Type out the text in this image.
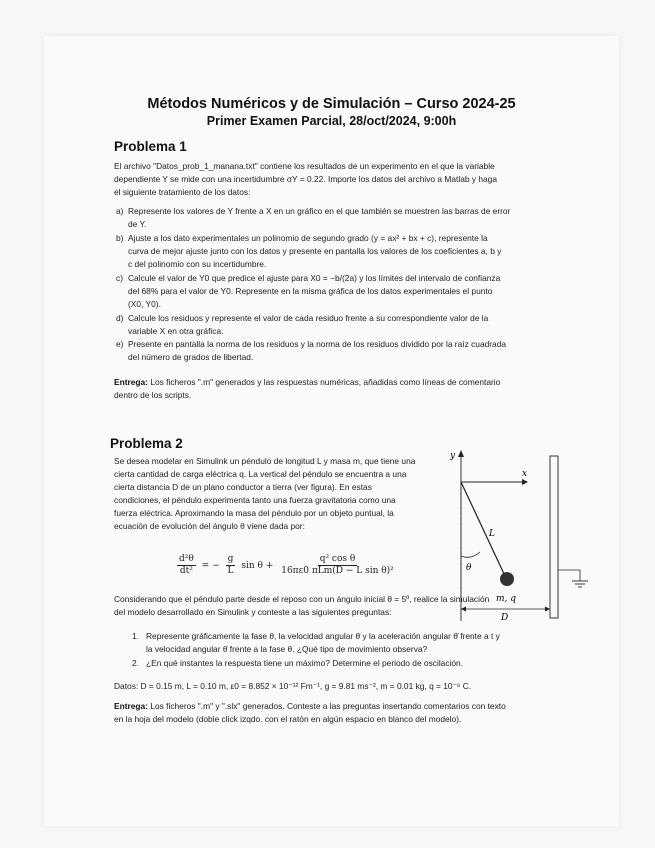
Métodos Numéricos y de Simulación – Curso 2024-25
Primer Examen Parcial, 28/oct/2024, 9:00h
Problema 1
El archivo "Datos_prob_1_manana.txt" contiene los resultados de un experimento en el que la variable
dependiente Y se mide con una incertidumbre σY = 0.22. Importe los datos del archivo a Matlab y haga
el siguiente tratamiento de los datos:
a) Represente los valores de Y frente a X en un gráfico en el que también se muestren las barras de error
de Y.
b) Ajuste a los dato experimentales un polinomio de segundo grado (y = ax² + bx + c), represente la
curva de mejor ajuste junto con los datos y presente en pantalla los valores de los coeficientes a, b y
c del polinomio con su incertidumbre.
c) Calcule el valor de Y0 que predice el ajuste para X0 = −b/(2a) y los límites del intervalo de confianza
del 68% para el valor de Y0. Represente en la misma gráfica de los datos experimentales el punto
(X0, Y0).
d) Calcule los residuos y represente el valor de cada residuo frente a su correspondiente valor de la
variable X en otra gráfica.
e) Presente en pantalla la norma de los residuos y la norma de los residuos dividido por la raíz cuadrada
del número de grados de libertad.
Entrega: Los ficheros ".m" generados y las respuestas numéricas, añadidas como líneas de comentario
dentro de los scripts.
Problema 2
Se desea modelar en Simulink un péndulo de longitud L y masa m, que tiene una
cierta cantidad de carga eléctrica q. La vertical del péndulo se encuentra a una
cierta distancia D de un plano conductor a tierra (ver figura). En estas
condiciones, el péndulo experimenta tanto una fuerza gravitatoria como una
fuerza eléctrica. Aproximando la masa del péndulo por un objeto puntual, la
ecuación de evolución del ángulo θ viene dada por:
$\frac{\text{d²θ}}{\text{dt²}}$ = − $\frac{g}{L}$ $\sin \theta + \frac{\text{q² cos θ}}{\text{16πε0 πLm(D − L sin θ)²}}$
y
x
θ
L
m, q
D
Considerando que el péndulo parte desde el reposo con un ángulo inicial θ = 5º, realice la simulación
del modelo desarrollado en Simulink y conteste a las siguientes preguntas:
1. Represente gráficamente la fase θ, la velocidad angular θ̇ y la aceleración angular θ̈ frente a t y
la velocidad angular θ̇ frente a la fase θ. ¿Qué tipo de movimiento observa?
2. ¿En qué instantes la respuesta tiene un máximo? Determine el periodo de oscilación.
Datos: D = 0.15 m, L = 0.10 m, ε0 = 8.852 × 10⁻¹² Fm⁻¹, g = 9.81 ms⁻², m = 0.01 kg, q = 10⁻⁶ C.
Entrega: Los ficheros ".m" y ".slx" generados. Conteste a las preguntas insertando comentarios con texto
en la hoja del modelo (doble click izqdo. con el ratón en algún espacio en blanco del modelo).
